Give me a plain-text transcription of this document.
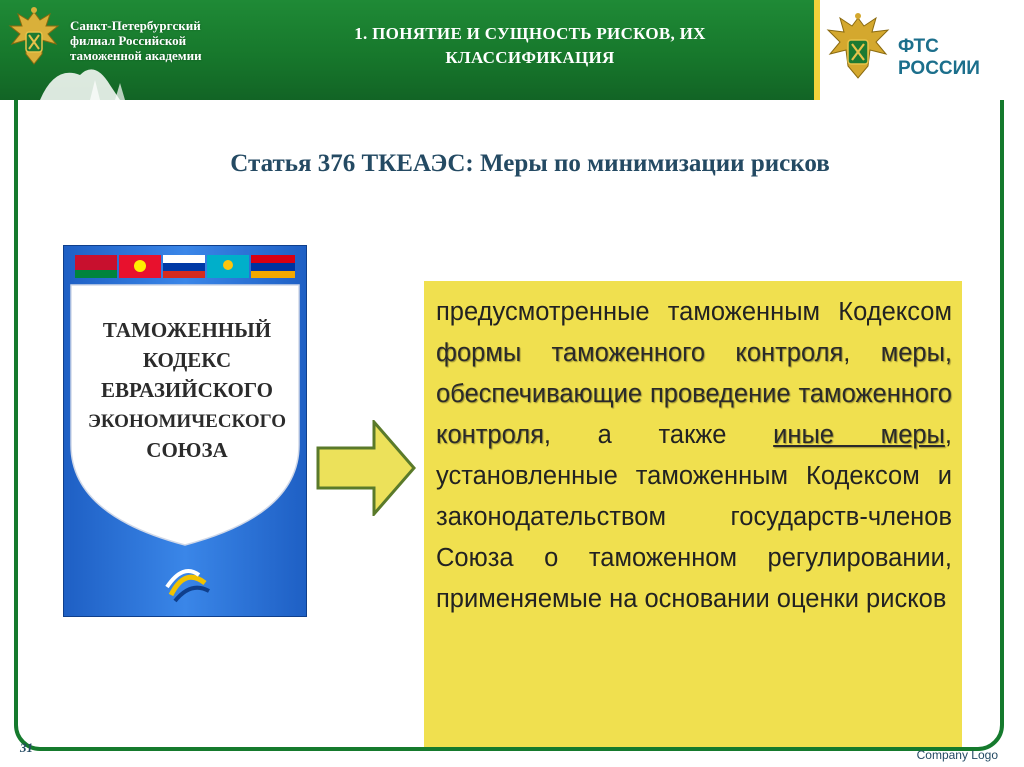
Санкт-Петербургский
филиал Российской
таможенной академии
1. ПОНЯТИЕ И СУЩНОСТЬ РИСКОВ, ИХ
КЛАССИФИКАЦИЯ
ФТС
РОССИИ
Статья 376 ТКЕАЭС: Меры по минимизации рисков
ТАМОЖЕННЫЙ
КОДЕКС
ЕВРАЗИЙСКОГО
ЭКОНОМИЧЕСКОГО
СОЮЗА
предусмотренные таможенным Кодексом формы таможенного контроля, меры, обеспечивающие проведение таможенного контроля, а также иные меры, установленные таможенным Кодексом и законодательством государств-членов Союза о таможенном регулировании, применяемые на основании оценки рисков
31	Company Logo
